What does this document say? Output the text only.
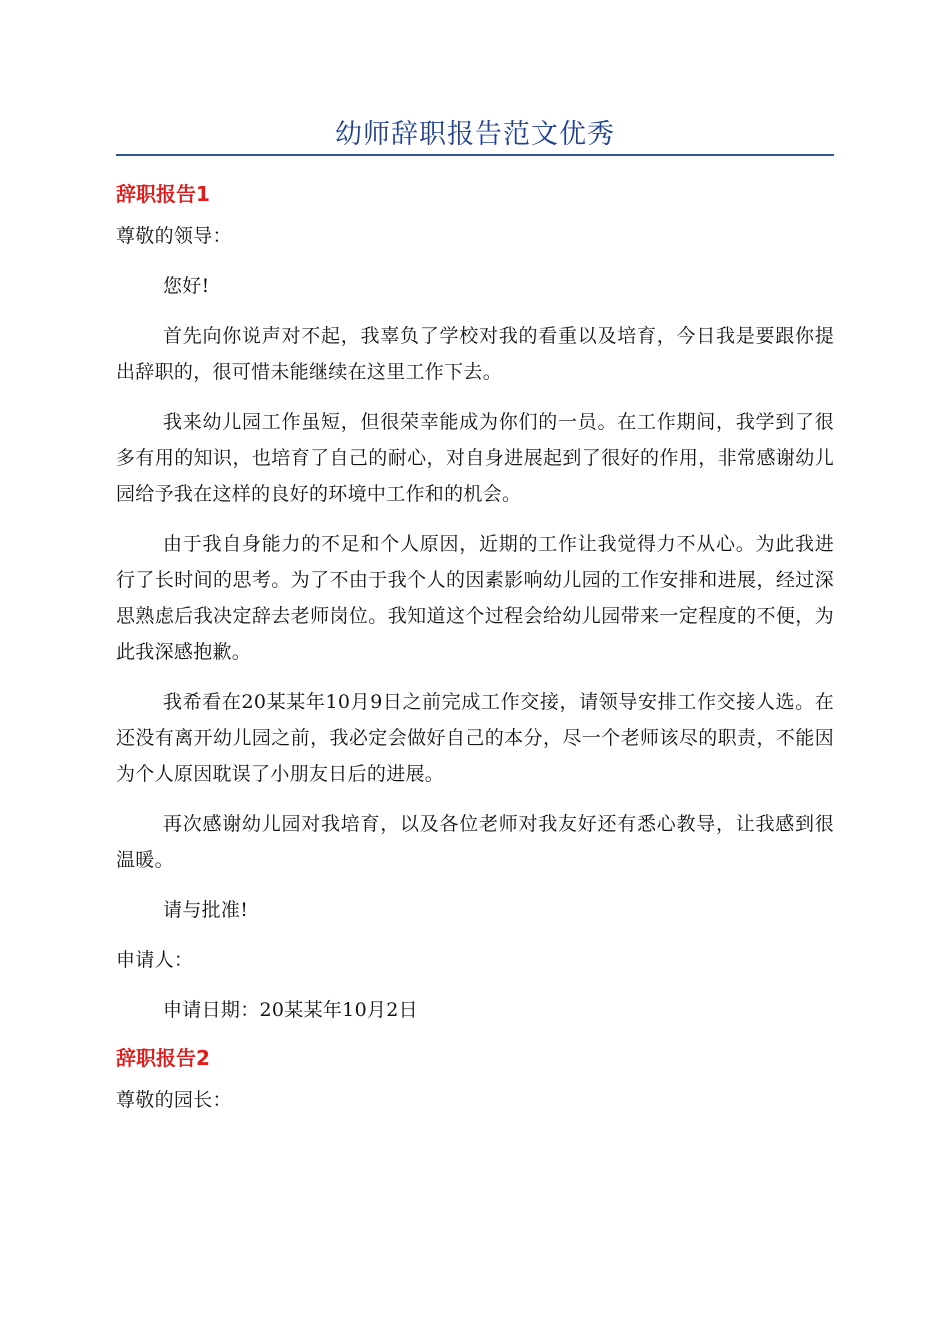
幼师辞职报告范文优秀
辞职报告1

尊敬的领导：

您好!

首先向你说声对不起，我辜负了学校对我的看重以及培育，今日我是要跟你提出辞职的，很可惜未能继续在这里工作下去。

我来幼儿园工作虽短，但很荣幸能成为你们的一员。在工作期间，我学到了很多有用的知识，也培育了自己的耐心，对自身进展起到了很好的作用，非常感谢幼儿园给予我在这样的良好的环境中工作和的机会。

由于我自身能力的不足和个人原因，近期的工作让我觉得力不从心。为此我进行了长时间的思考。为了不由于我个人的因素影响幼儿园的工作安排和进展，经过深思熟虑后我决定辞去老师岗位。我知道这个过程会给幼儿园带来一定程度的不便，为此我深感抱歉。

我希看在20某某年10月9日之前完成工作交接，请领导安排工作交接人选。在还没有离开幼儿园之前，我必定会做好自己的本分，尽一个老师该尽的职责，不能因为个人原因耽误了小朋友日后的进展。

再次感谢幼儿园对我培育，以及各位老师对我友好还有悉心教导，让我感到很温暖。

请与批准!

申请人：

申请日期：20某某年10月2日

辞职报告2

尊敬的园长：
